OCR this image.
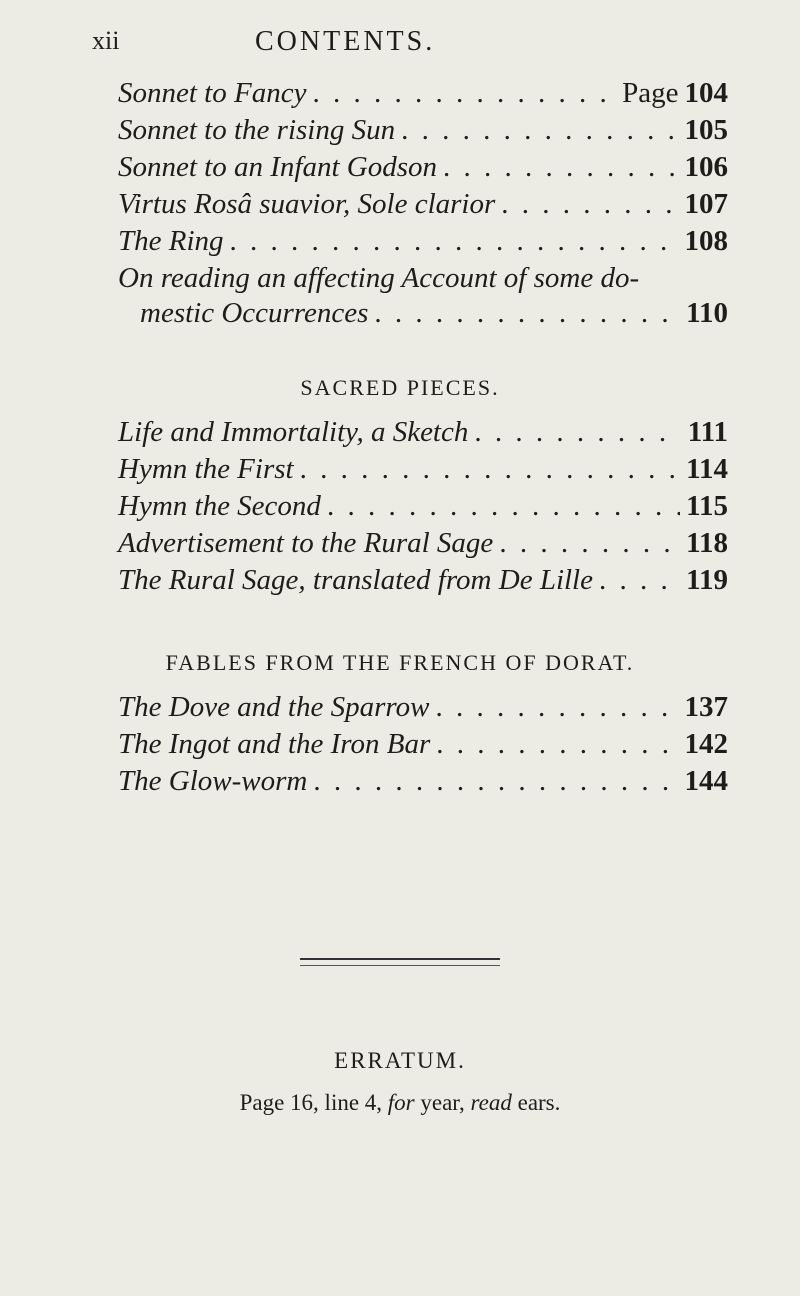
xii	CONTENTS.
Sonnet to Fancy . . .	Page 104
Sonnet to the rising Sun . . .	105
Sonnet to an Infant Godson . . .	106
Virtus Rosâ suavior, Sole clarior . . .	107
The Ring . . .	108
On reading an affecting Account of some do-
mestic Occurrences . . .	110
SACRED PIECES.
Life and Immortality, a Sketch . . .	111
Hymn the First . . .	114
Hymn the Second . . .	115
Advertisement to the Rural Sage . . .	118
The Rural Sage, translated from De Lille . . .	119
FABLES FROM THE FRENCH OF DORAT.
The Dove and the Sparrow . . .	137
The Ingot and the Iron Bar . . .	142
The Glow-worm . . .	144
ERRATUM.
Page 16, line 4, for year, read ears.
